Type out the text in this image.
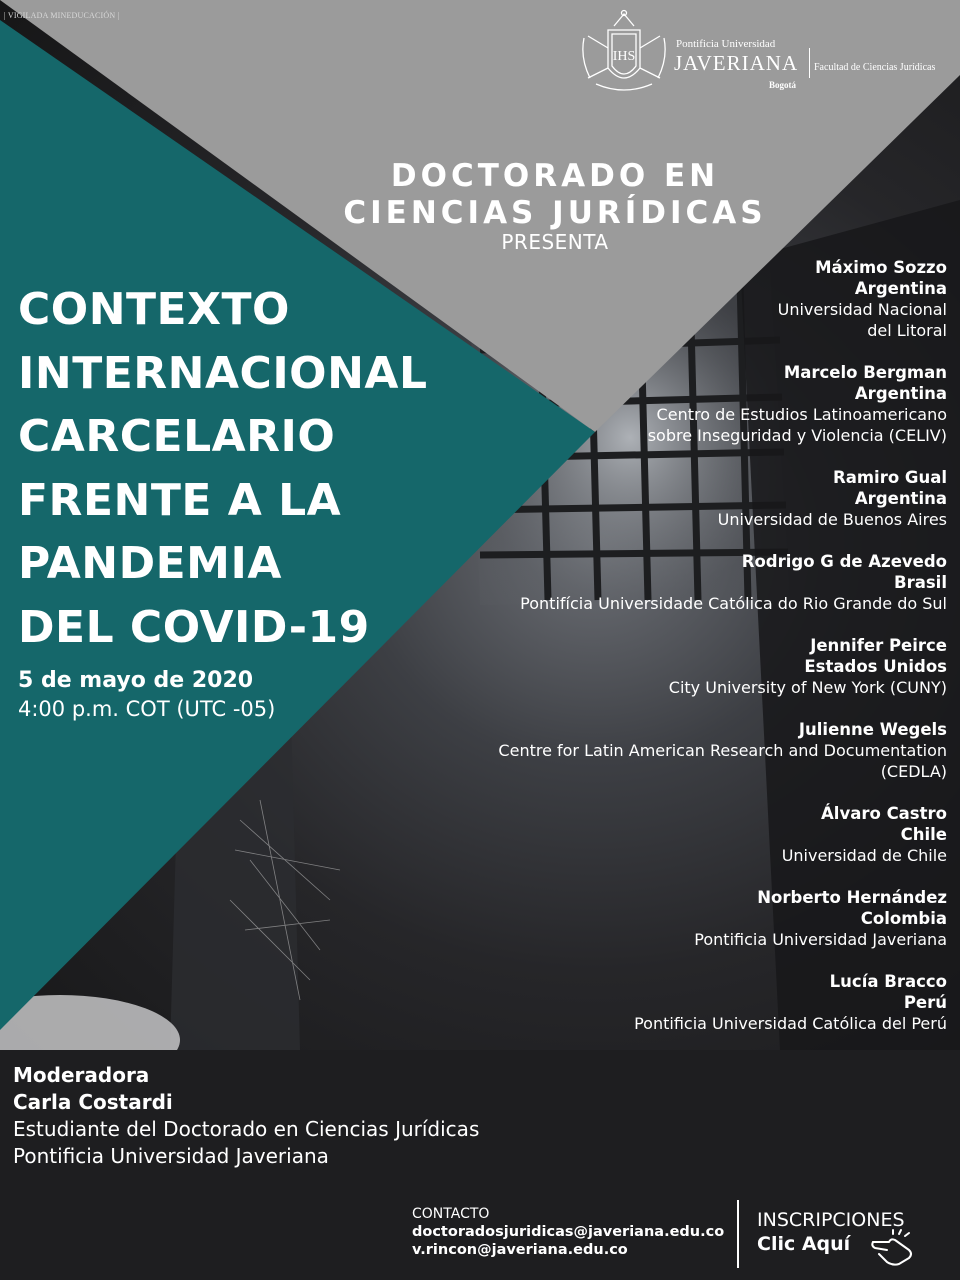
| VIGILADA MINEDUCACIÓN |
IHS
Pontificia Universidad
JAVERIANA
Bogotá
Facultad de Ciencias Jurídicas
DOCTORADO EN
CIENCIAS JURÍDICAS
PRESENTA
CONTEXTO
INTERNACIONAL
CARCELARIO
FRENTE A LA
PANDEMIA
DEL COVID-19
5 de mayo de 2020
4:00 p.m. COT (UTC -05)
Máximo Sozzo
Argentina
Universidad Nacional
del Litoral
Marcelo Bergman
Argentina
Centro de Estudios Latinoamericano
sobre Inseguridad y Violencia (CELIV)
Ramiro Gual
Argentina
Universidad de Buenos Aires
Rodrigo G de Azevedo
Brasil
Pontifícia Universidade Católica do Rio Grande do Sul
Jennifer Peirce
Estados Unidos
City University of New York (CUNY)
Julienne Wegels
Centre for Latin American Research and Documentation
(CEDLA)
Álvaro Castro
Chile
Universidad de Chile
Norberto Hernández
Colombia
Pontificia Universidad Javeriana
Lucía Bracco
Perú
Pontificia Universidad Católica del Perú
Moderadora
Carla Costardi
Estudiante del Doctorado en Ciencias Jurídicas
Pontificia Universidad Javeriana
CONTACTO
doctoradosjuridicas@javeriana.edu.co
v.rincon@javeriana.edu.co
INSCRIPCIONES
Clic Aquí
